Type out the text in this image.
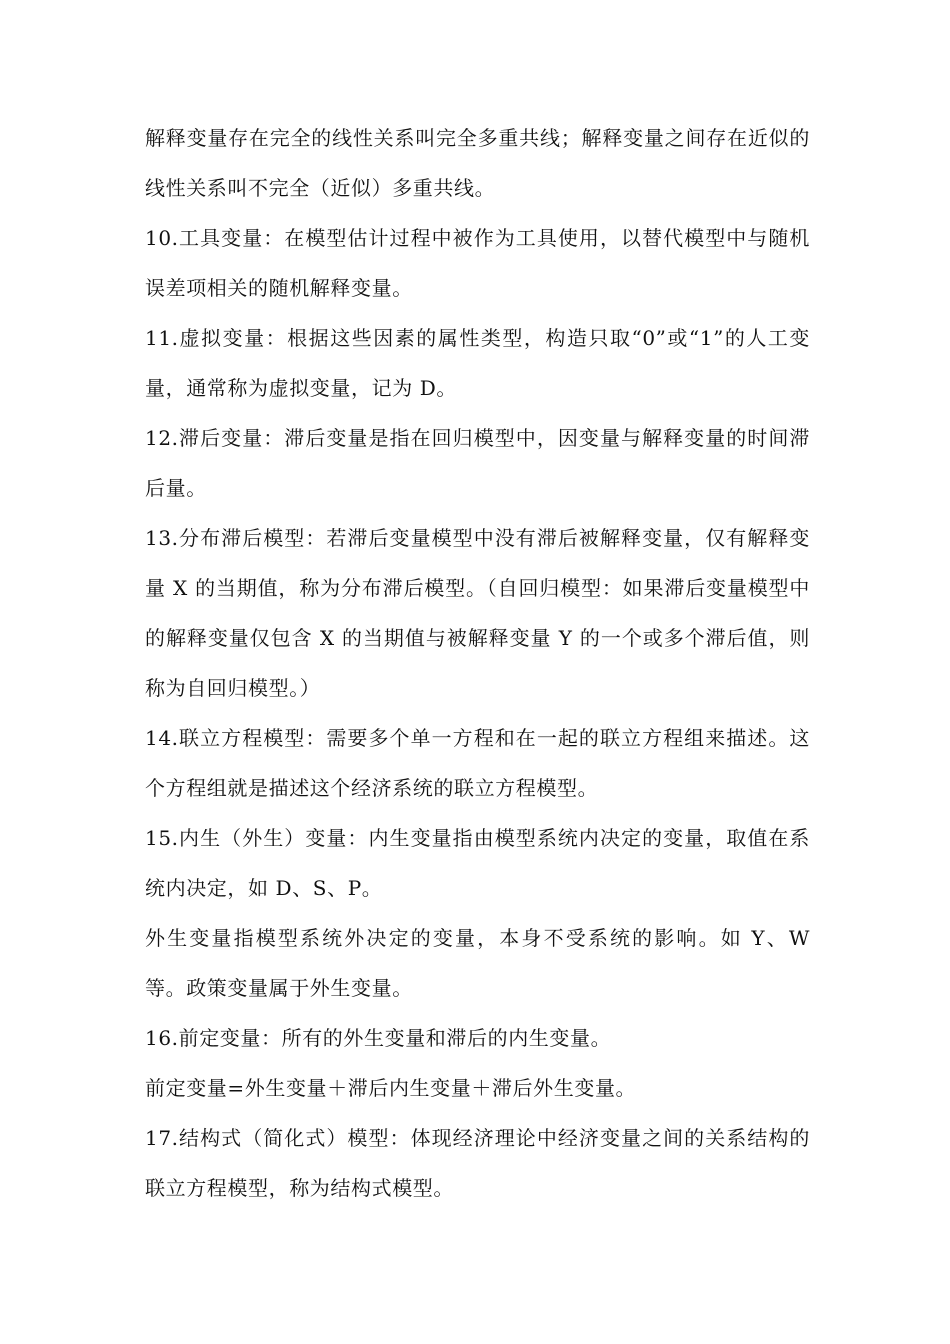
解释变量存在完全的线性关系叫完全多重共线；解释变量之间存在近似的线性关系叫不完全（近似）多重共线。

10.工具变量：在模型估计过程中被作为工具使用，以替代模型中与随机误差项相关的随机解释变量。

11.虚拟变量：根据这些因素的属性类型，构造只取“0”或“1”的人工变量，通常称为虚拟变量，记为 D。

12.滞后变量：滞后变量是指在回归模型中，因变量与解释变量的时间滞后量。

13.分布滞后模型：若滞后变量模型中没有滞后被解释变量，仅有解释变量 X 的当期值，称为分布滞后模型。（自回归模型：如果滞后变量模型中的解释变量仅包含 X 的当期值与被解释变量 Y 的一个或多个滞后值，则称为自回归模型。）

14.联立方程模型：需要多个单一方程和在一起的联立方程组来描述。这个方程组就是描述这个经济系统的联立方程模型。

15.内生（外生）变量：内生变量指由模型系统内决定的变量，取值在系统内决定，如 D、S、P。

外生变量指模型系统外决定的变量，本身不受系统的影响。如 Y、W 等。政策变量属于外生变量。

16.前定变量：所有的外生变量和滞后的内生变量。

前定变量=外生变量＋滞后内生变量＋滞后外生变量。

17.结构式（简化式）模型：体现经济理论中经济变量之间的关系结构的联立方程模型，称为结构式模型。
